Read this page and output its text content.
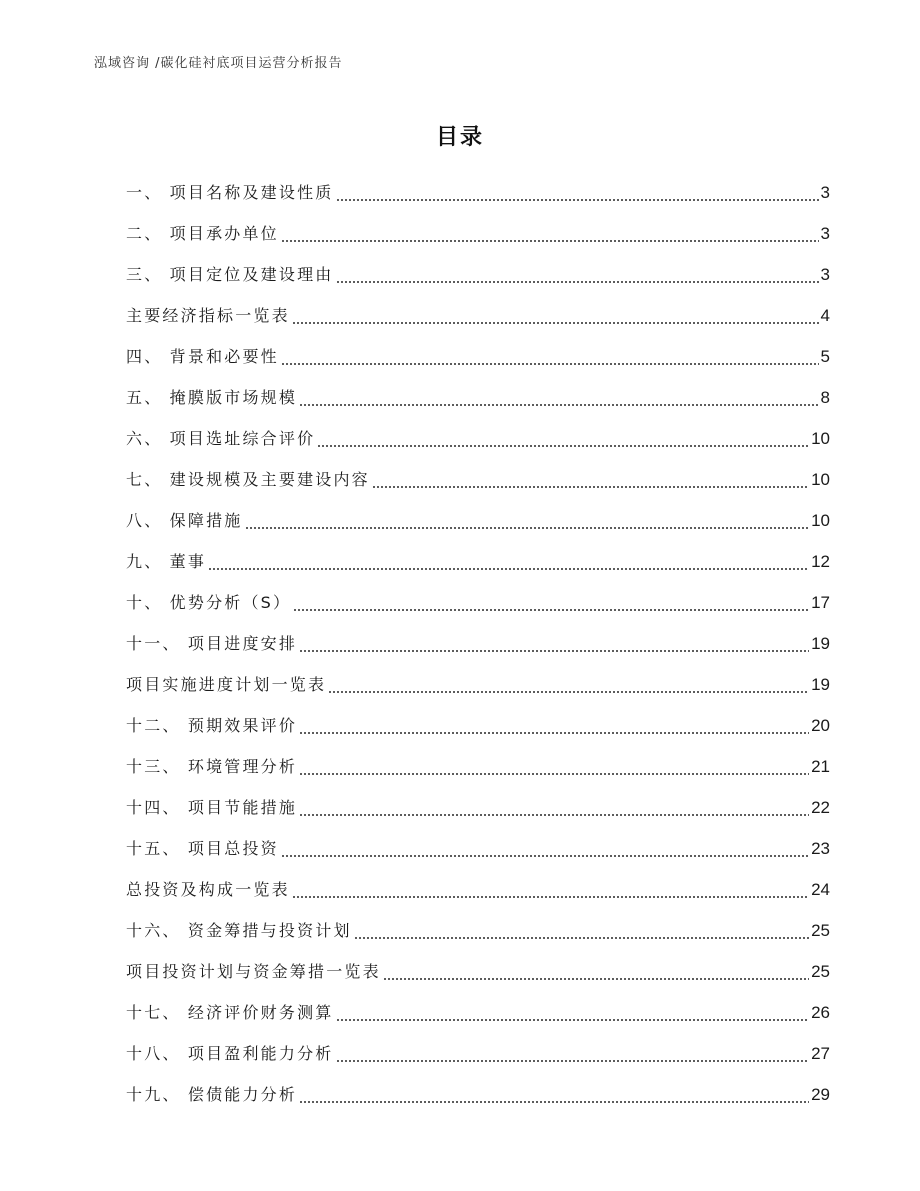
泓域咨询 /碳化硅衬底项目运营分析报告
目录
一、 项目名称及建设性质	3
二、 项目承办单位	3
三、 项目定位及建设理由	3
主要经济指标一览表	4
四、 背景和必要性	5
五、 掩膜版市场规模	8
六、 项目选址综合评价	10
七、 建设规模及主要建设内容	10
八、 保障措施	10
九、 董事	12
十、 优势分析（S）	17
十一、 项目进度安排	19
项目实施进度计划一览表	19
十二、 预期效果评价	20
十三、 环境管理分析	21
十四、 项目节能措施	22
十五、 项目总投资	23
总投资及构成一览表	24
十六、 资金筹措与投资计划	25
项目投资计划与资金筹措一览表	25
十七、 经济评价财务测算	26
十八、 项目盈利能力分析	27
十九、 偿债能力分析	29
